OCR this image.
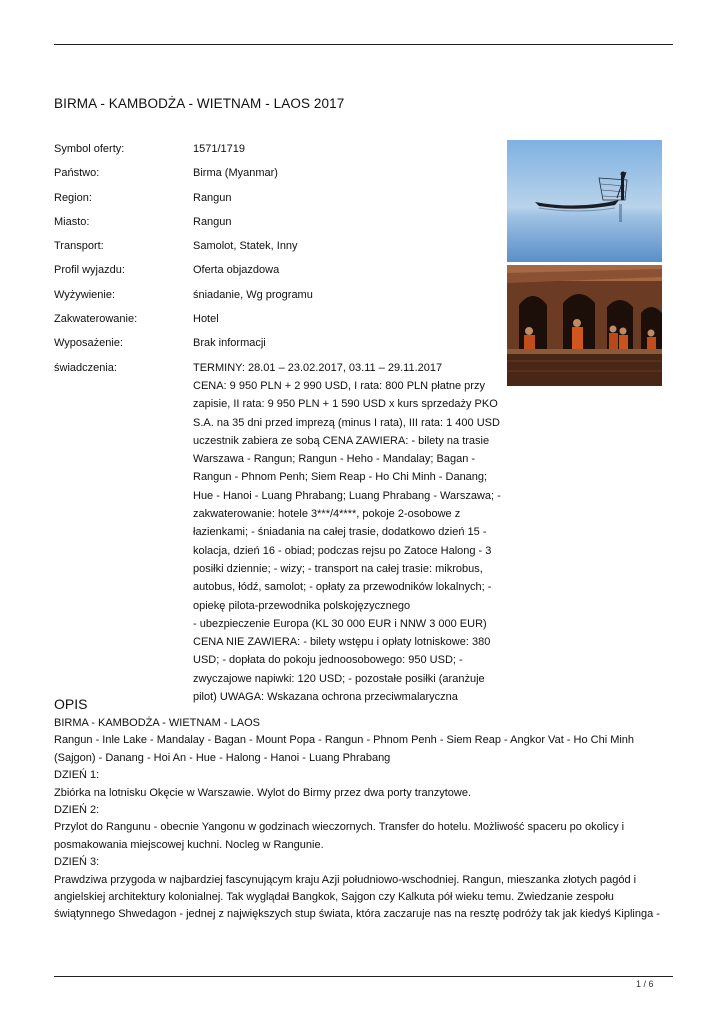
BIRMA - KAMBODŻA - WIETNAM - LAOS 2017
Symbol oferty:	1571/1719
Państwo:	Birma (Myanmar)
Region:	Rangun
Miasto:	Rangun
Transport:	Samolot, Statek, Inny
Profil wyjazdu:	Oferta objazdowa
Wyżywienie:	śniadanie, Wg programu
Zakwaterowanie:	Hotel
Wyposażenie:	Brak informacji
świadczenia:	TERMINY: 28.01 – 23.02.2017, 03.11 – 29.11.2017
CENA: 9 950 PLN + 2 990 USD, I rata: 800 PLN płatne przy
zapisie, II rata: 9 950 PLN + 1 590 USD x kurs sprzedaży PKO
S.A. na 35 dni przed imprezą (minus I rata), III rata: 1 400 USD
uczestnik zabiera ze sobą CENA ZAWIERA: - bilety na trasie
Warszawa - Rangun; Rangun - Heho - Mandalay; Bagan -
Rangun - Phnom Penh; Siem Reap - Ho Chi Minh - Danang;
Hue - Hanoi - Luang Phrabang; Luang Phrabang - Warszawa; -
zakwaterowanie: hotele 3***/4****, pokoje 2-osobowe z
łazienkami; - śniadania na całej trasie, dodatkowo dzień 15 -
kolacja, dzień 16 - obiad; podczas rejsu po Zatoce Halong - 3
posiłki dziennie; - wizy; - transport na całej trasie: mikrobus,
autobus, łódź, samolot; - opłaty za przewodników lokalnych; -
opiekę pilota-przewodnika polskojęzycznego
- ubezpieczenie Europa (KL 30 000 EUR i NNW 3 000 EUR)
CENA NIE ZAWIERA: - bilety wstępu i opłaty lotniskowe: 380
USD; - dopłata do pokoju jednoosobowego: 950 USD; -
zwyczajowe napiwki: 120 USD; - pozostałe posiłki (aranżuje
pilot) UWAGA: Wskazana ochrona przeciwmalaryczna
OPIS

BIRMA - KAMBODŻA - WIETNAM - LAOS

Rangun - Inle Lake - Mandalay - Bagan - Mount Popa - Rangun - Phnom Penh - Siem Reap - Angkor Vat - Ho Chi Minh

(Sajgon) - Danang - Hoi An - Hue - Halong - Hanoi - Luang Phrabang

DZIEŃ 1:

Zbiórka na lotnisku Okęcie w Warszawie. Wylot do Birmy przez dwa porty tranzytowe.

DZIEŃ 2:

Przylot do Rangunu - obecnie Yangonu w godzinach wieczornych. Transfer do hotelu. Możliwość spaceru po okolicy i

posmakowania miejscowej kuchni. Nocleg w Rangunie.

DZIEŃ 3:

Prawdziwa przygoda w najbardziej fascynującym kraju Azji południowo-wschodniej. Rangun, mieszanka złotych pagód i

angielskiej architektury kolonialnej. Tak wyglądał Bangkok, Sajgon czy Kalkuta pół wieku temu. Zwiedzanie zespołu

świątynnego Shwedagon - jednej z największych stup świata, która zaczaruje nas na resztę podróży tak jak kiedyś Kiplinga -

1 / 6
